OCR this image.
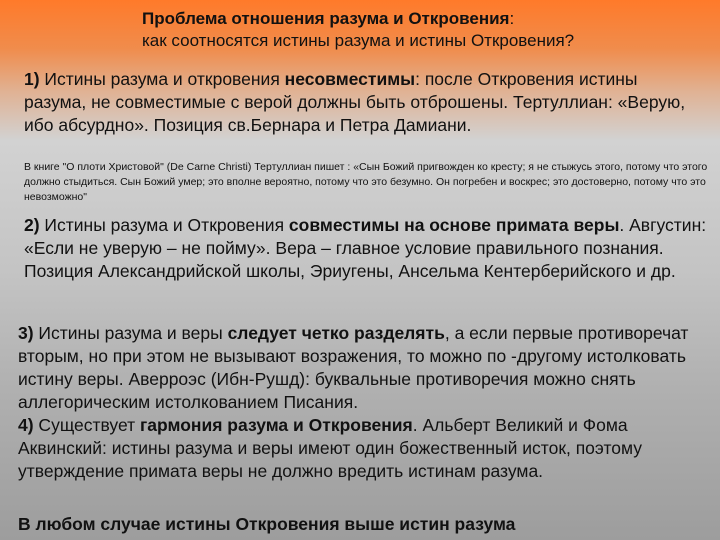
Проблема отношения разума и Откровения:
как соотносятся истины разума и истины Откровения?
1) Истины разума и откровения несовместимы: после Откровения истины разума, не совместимые с верой должны быть отброшены. Тертуллиан: «Верую, ибо абсурдно». Позиция св.Бернара и Петра Дамиани.
В книге "О плоти Христовой" (De Carne Christi) Тертуллиан пишет : «Сын Божий пригвожден ко кресту; я не стыжусь этого, потому что этого должно стыдиться. Сын Божий умер; это вполне вероятно, потому что это безумно. Он погребен и воскрес; это достоверно, потому что это невозможно"
2) Истины разума и Откровения совместимы на основе примата веры. Августин: «Если не уверую – не пойму». Вера – главное условие правильного познания. Позиция Александрийской школы, Эриугены, Ансельма Кентерберийского и др.
3) Истины разума и веры следует четко разделять, а если первые противоречат вторым, но при этом не вызывают возражения, то можно по -другому истолковать истину веры. Аверроэс (Ибн-Рушд): буквальные противоречия можно снять аллегорическим истолкованием Писания.
4) Существует гармония разума и Откровения. Альберт Великий и Фома Аквинский: истины разума и веры имеют один божественный исток, поэтому утверждение примата веры не должно вредить истинам разума.
В любом случае истины Откровения выше истин разума
